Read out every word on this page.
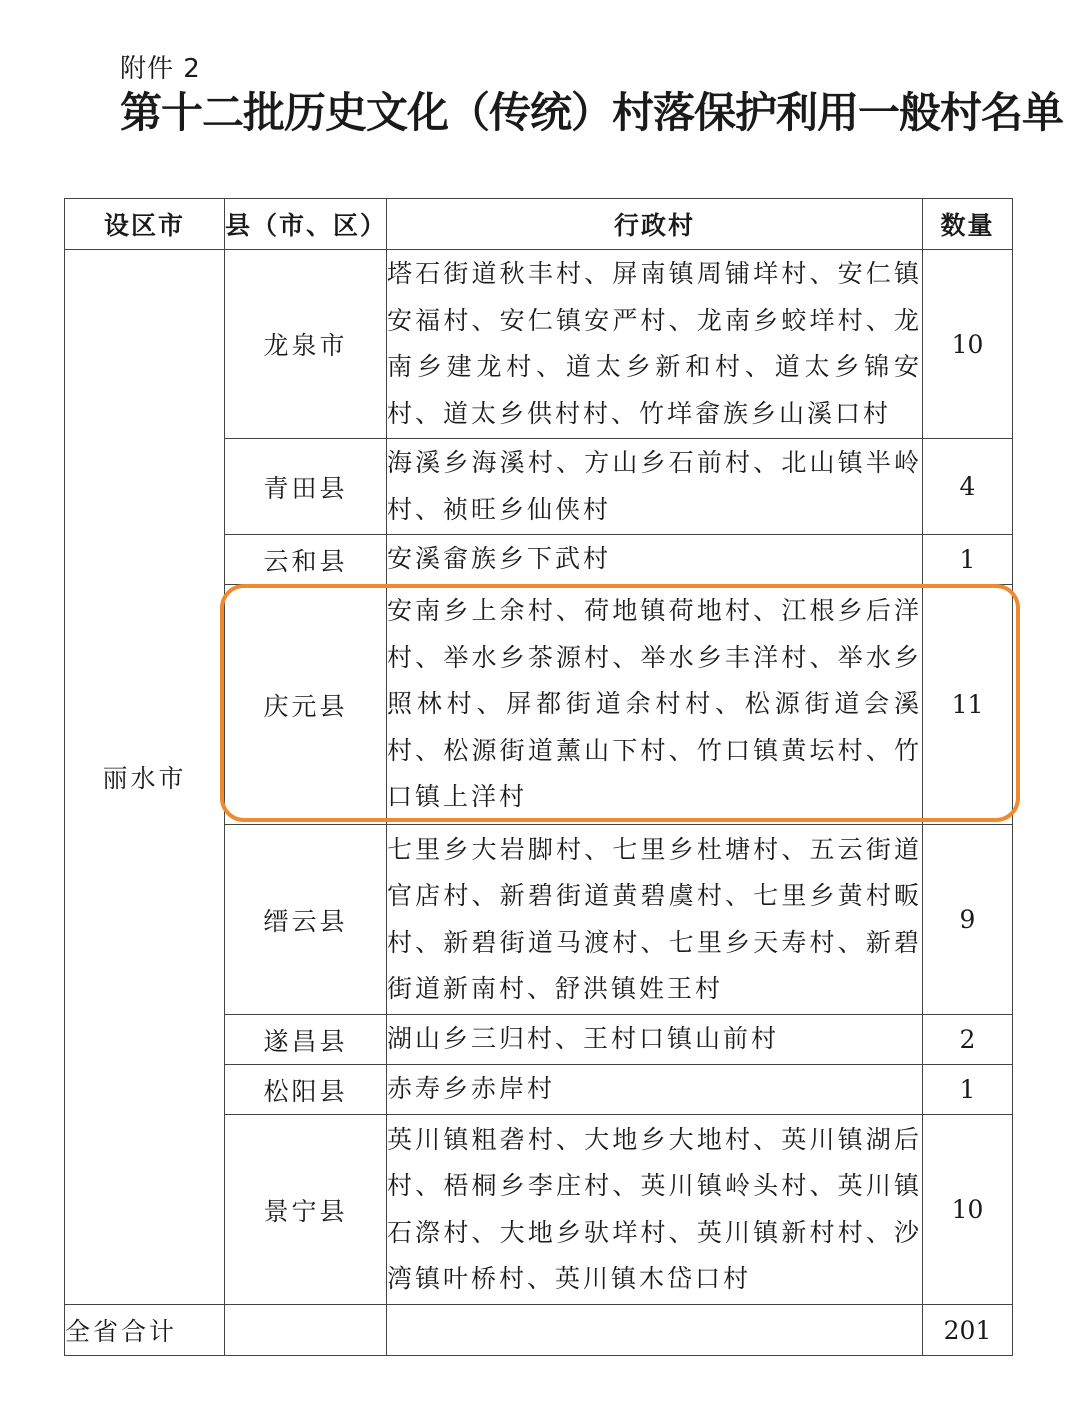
附件 2
第十二批历史文化（传统）村落保护利用一般村名单
设区市	县（市、区）	行政村	数量
丽水市	龙泉市	塔石街道秋丰村、屏南镇周铺垟村、安仁镇安福村、安仁镇安严村、龙南乡蛟垟村、龙南乡建龙村、道太乡新和村、道太乡锦安村、道太乡供村村、竹垟畲族乡山溪口村	10
	青田县	海溪乡海溪村、方山乡石前村、北山镇半岭村、祯旺乡仙侠村	4
	云和县	安溪畲族乡下武村	1
	庆元县	安南乡上余村、荷地镇荷地村、江根乡后洋村、举水乡茶源村、举水乡丰洋村、举水乡照林村、屏都街道余村村、松源街道会溪村、松源街道薰山下村、竹口镇黄坛村、竹口镇上洋村	11
	缙云县	七里乡大岩脚村、七里乡杜塘村、五云街道官店村、新碧街道黄碧虞村、七里乡黄村畈村、新碧街道马渡村、七里乡天寿村、新碧街道新南村、舒洪镇姓王村	9
	遂昌县	湖山乡三归村、王村口镇山前村	2
	松阳县	赤寿乡赤岸村	1
	景宁县	英川镇粗砻村、大地乡大地村、英川镇湖后村、梧桐乡李庄村、英川镇岭头村、英川镇石漈村、大地乡驮垟村、英川镇新村村、沙湾镇叶桥村、英川镇木岱口村	10
全省合计			201
